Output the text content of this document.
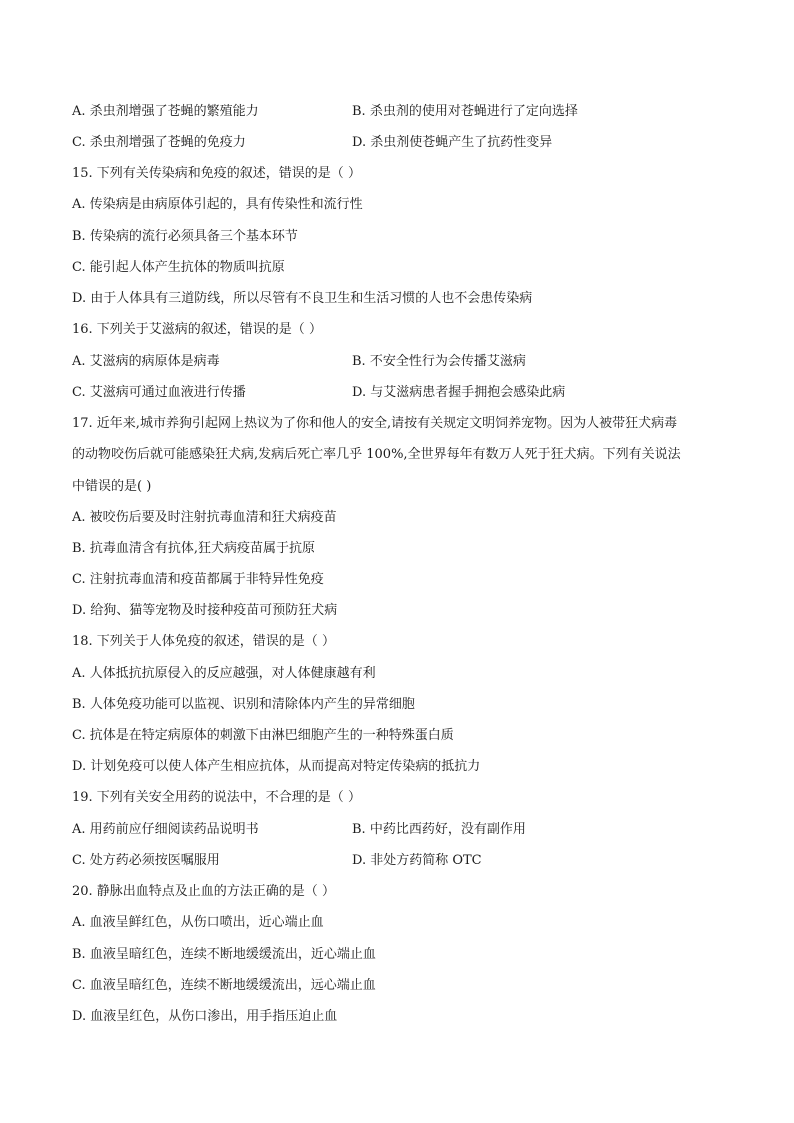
A. 杀虫剂增强了苍蝇的繁殖能力	B. 杀虫剂的使用对苍蝇进行了定向选择
C. 杀虫剂增强了苍蝇的免疫力	D. 杀虫剂使苍蝇产生了抗药性变异
15. 下列有关传染病和免疫的叙述，错误的是（ ）
A. 传染病是由病原体引起的，具有传染性和流行性
B. 传染病的流行必须具备三个基本环节
C. 能引起人体产生抗体的物质叫抗原
D. 由于人体具有三道防线，所以尽管有不良卫生和生活习惯的人也不会患传染病
16. 下列关于艾滋病的叙述，错误的是（ ）
A. 艾滋病的病原体是病毒	B. 不安全性行为会传播艾滋病
C. 艾滋病可通过血液进行传播	D. 与艾滋病患者握手拥抱会感染此病
17. 近年来,城市养狗引起网上热议为了你和他人的安全,请按有关规定文明饲养宠物。因为人被带狂犬病毒
的动物咬伤后就可能感染狂犬病,发病后死亡率几乎 100%,全世界每年有数万人死于狂犬病。下列有关说法
中错误的是( )
A. 被咬伤后要及时注射抗毒血清和狂犬病疫苗
B. 抗毒血清含有抗体,狂犬病疫苗属于抗原
C. 注射抗毒血清和疫苗都属于非特异性免疫
D. 给狗、猫等宠物及时接种疫苗可预防狂犬病
18. 下列关于人体免疫的叙述，错误的是（ ）
A. 人体抵抗抗原侵入的反应越强，对人体健康越有利
B. 人体免疫功能可以监视、识别和清除体内产生的异常细胞
C. 抗体是在特定病原体的刺激下由淋巴细胞产生的一种特殊蛋白质
D. 计划免疫可以使人体产生相应抗体，从而提高对特定传染病的抵抗力
19. 下列有关安全用药的说法中，不合理的是（ ）
A. 用药前应仔细阅读药品说明书	B. 中药比西药好，没有副作用
C. 处方药必须按医嘱服用	D. 非处方药简称 OTC
20. 静脉出血特点及止血的方法正确的是（ ）
A. 血液呈鲜红色，从伤口喷出，近心端止血
B. 血液呈暗红色，连续不断地缓缓流出，近心端止血
C. 血液呈暗红色，连续不断地缓缓流出，远心端止血
D. 血液呈红色，从伤口渗出，用手指压迫止血
